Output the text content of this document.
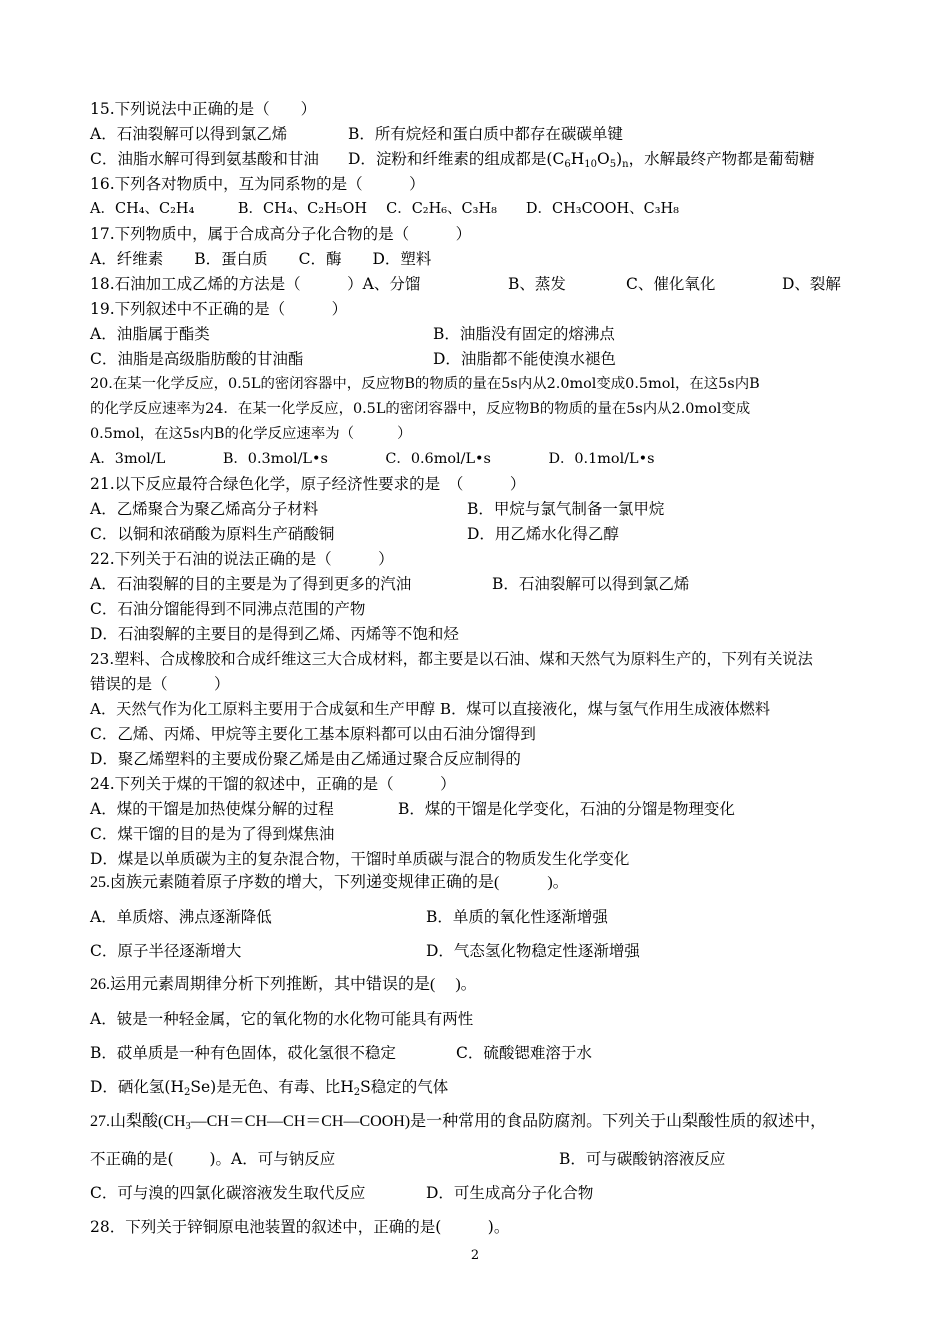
15.下列说法中正确的是（　　）
A．石油裂解可以得到氯乙烯	B．所有烷烃和蛋白质中都存在碳碳单键
C．油脂水解可得到氨基酸和甘油 D．淀粉和纤维素的组成都是$(C_6H_{10}O_5)_n$，水解最终产物都是葡萄糖
16.下列各对物质中，互为同系物的是（　　　）
A．CH₄、C₂H₄　　　B．CH₄、C₂H₅OH　 C．C₂H₆、C₃H₈　　D．CH₃COOH、C₃H₈
17.下列物质中，属于合成高分子化合物的是（　　　）
A．纤维素　　B．蛋白质　　C．酶　　D．塑料
18.石油加工成乙烯的方法是（　　　）A、分馏	B、蒸发	C、催化氧化	D、裂解
19.下列叙述中不正确的是（　　　）
A．油脂属于酯类	B．油脂没有固定的熔沸点
C．油脂是高级脂肪酸的甘油酯	D．油脂都不能使溴水褪色
20.在某一化学反应，0.5L的密闭容器中，反应物B的物质的量在5s内从2.0mol变成0.5mol，在这5s内B
的化学反应速率为24．在某一化学反应，0.5L的密闭容器中，反应物B的物质的量在5s内从2.0mol变成
0.5mol，在这5s内B的化学反应速率为（　　　）
A．3mol/L　　　　B．0.3mol/L•s　　　　C．0.6mol/L•s　　　　D．0.1mol/L•s
21.以下反应最符合绿色化学，原子经济性要求的是　（　　　）
A．乙烯聚合为聚乙烯高分子材料	B．甲烷与氯气制备一氯甲烷
C．以铜和浓硝酸为原料生产硝酸铜	D．用乙烯水化得乙醇
22.下列关于石油的说法正确的是（　　　）
A．石油裂解的目的主要是为了得到更多的汽油	B．石油裂解可以得到氯乙烯
C．石油分馏能得到不同沸点范围的产物
D．石油裂解的主要目的是得到乙烯、丙烯等不饱和烃
23.塑料、合成橡胶和合成纤维这三大合成材料，都主要是以石油、煤和天然气为原料生产的，下列有关说法
错误的是（　　　）
A．天然气作为化工原料主要用于合成氨和生产甲醇 B．煤可以直接液化，煤与氢气作用生成液体燃料
C．乙烯、丙烯、甲烷等主要化工基本原料都可以由石油分馏得到
D．聚乙烯塑料的主要成份聚乙烯是由乙烯通过聚合反应制得的
24.下列关于煤的干馏的叙述中，正确的是（　　　）
A．煤的干馏是加热使煤分解的过程	B．煤的干馏是化学变化，石油的分馏是物理变化
C．煤干馏的目的是为了得到煤焦油
D．煤是以单质碳为主的复杂混合物，干馏时单质碳与混合的物质发生化学变化
25.卤族元素随着原子序数的增大，下列递变规律正确的是(　　　)。
A．单质熔、沸点逐渐降低	B．单质的氧化性逐渐增强
C．原子半径逐渐增大	D．气态氢化物稳定性逐渐增强
26.运用元素周期律分析下列推断，其中错误的是(　 )。
A．铍是一种轻金属，它的氧化物的水化物可能具有两性
B．砹单质是一种有色固体，砹化氢很不稳定	C．硫酸锶难溶于水
D．硒化氢$(H_2Se)$是无色、有毒、比$H_2S$稳定的气体
27.山梨酸$(CH_3—CH=CH—CH=CH—COOH)$是一种常用的食品防腐剂。下列关于山梨酸性质的叙述中，
不正确的是(　　 )。A．可与钠反应	B．可与碳酸钠溶液反应
C．可与溴的四氯化碳溶液发生取代反应	D．可生成高分子化合物
28．下列关于锌铜原电池装置的叙述中，正确的是(　　　)。
2
